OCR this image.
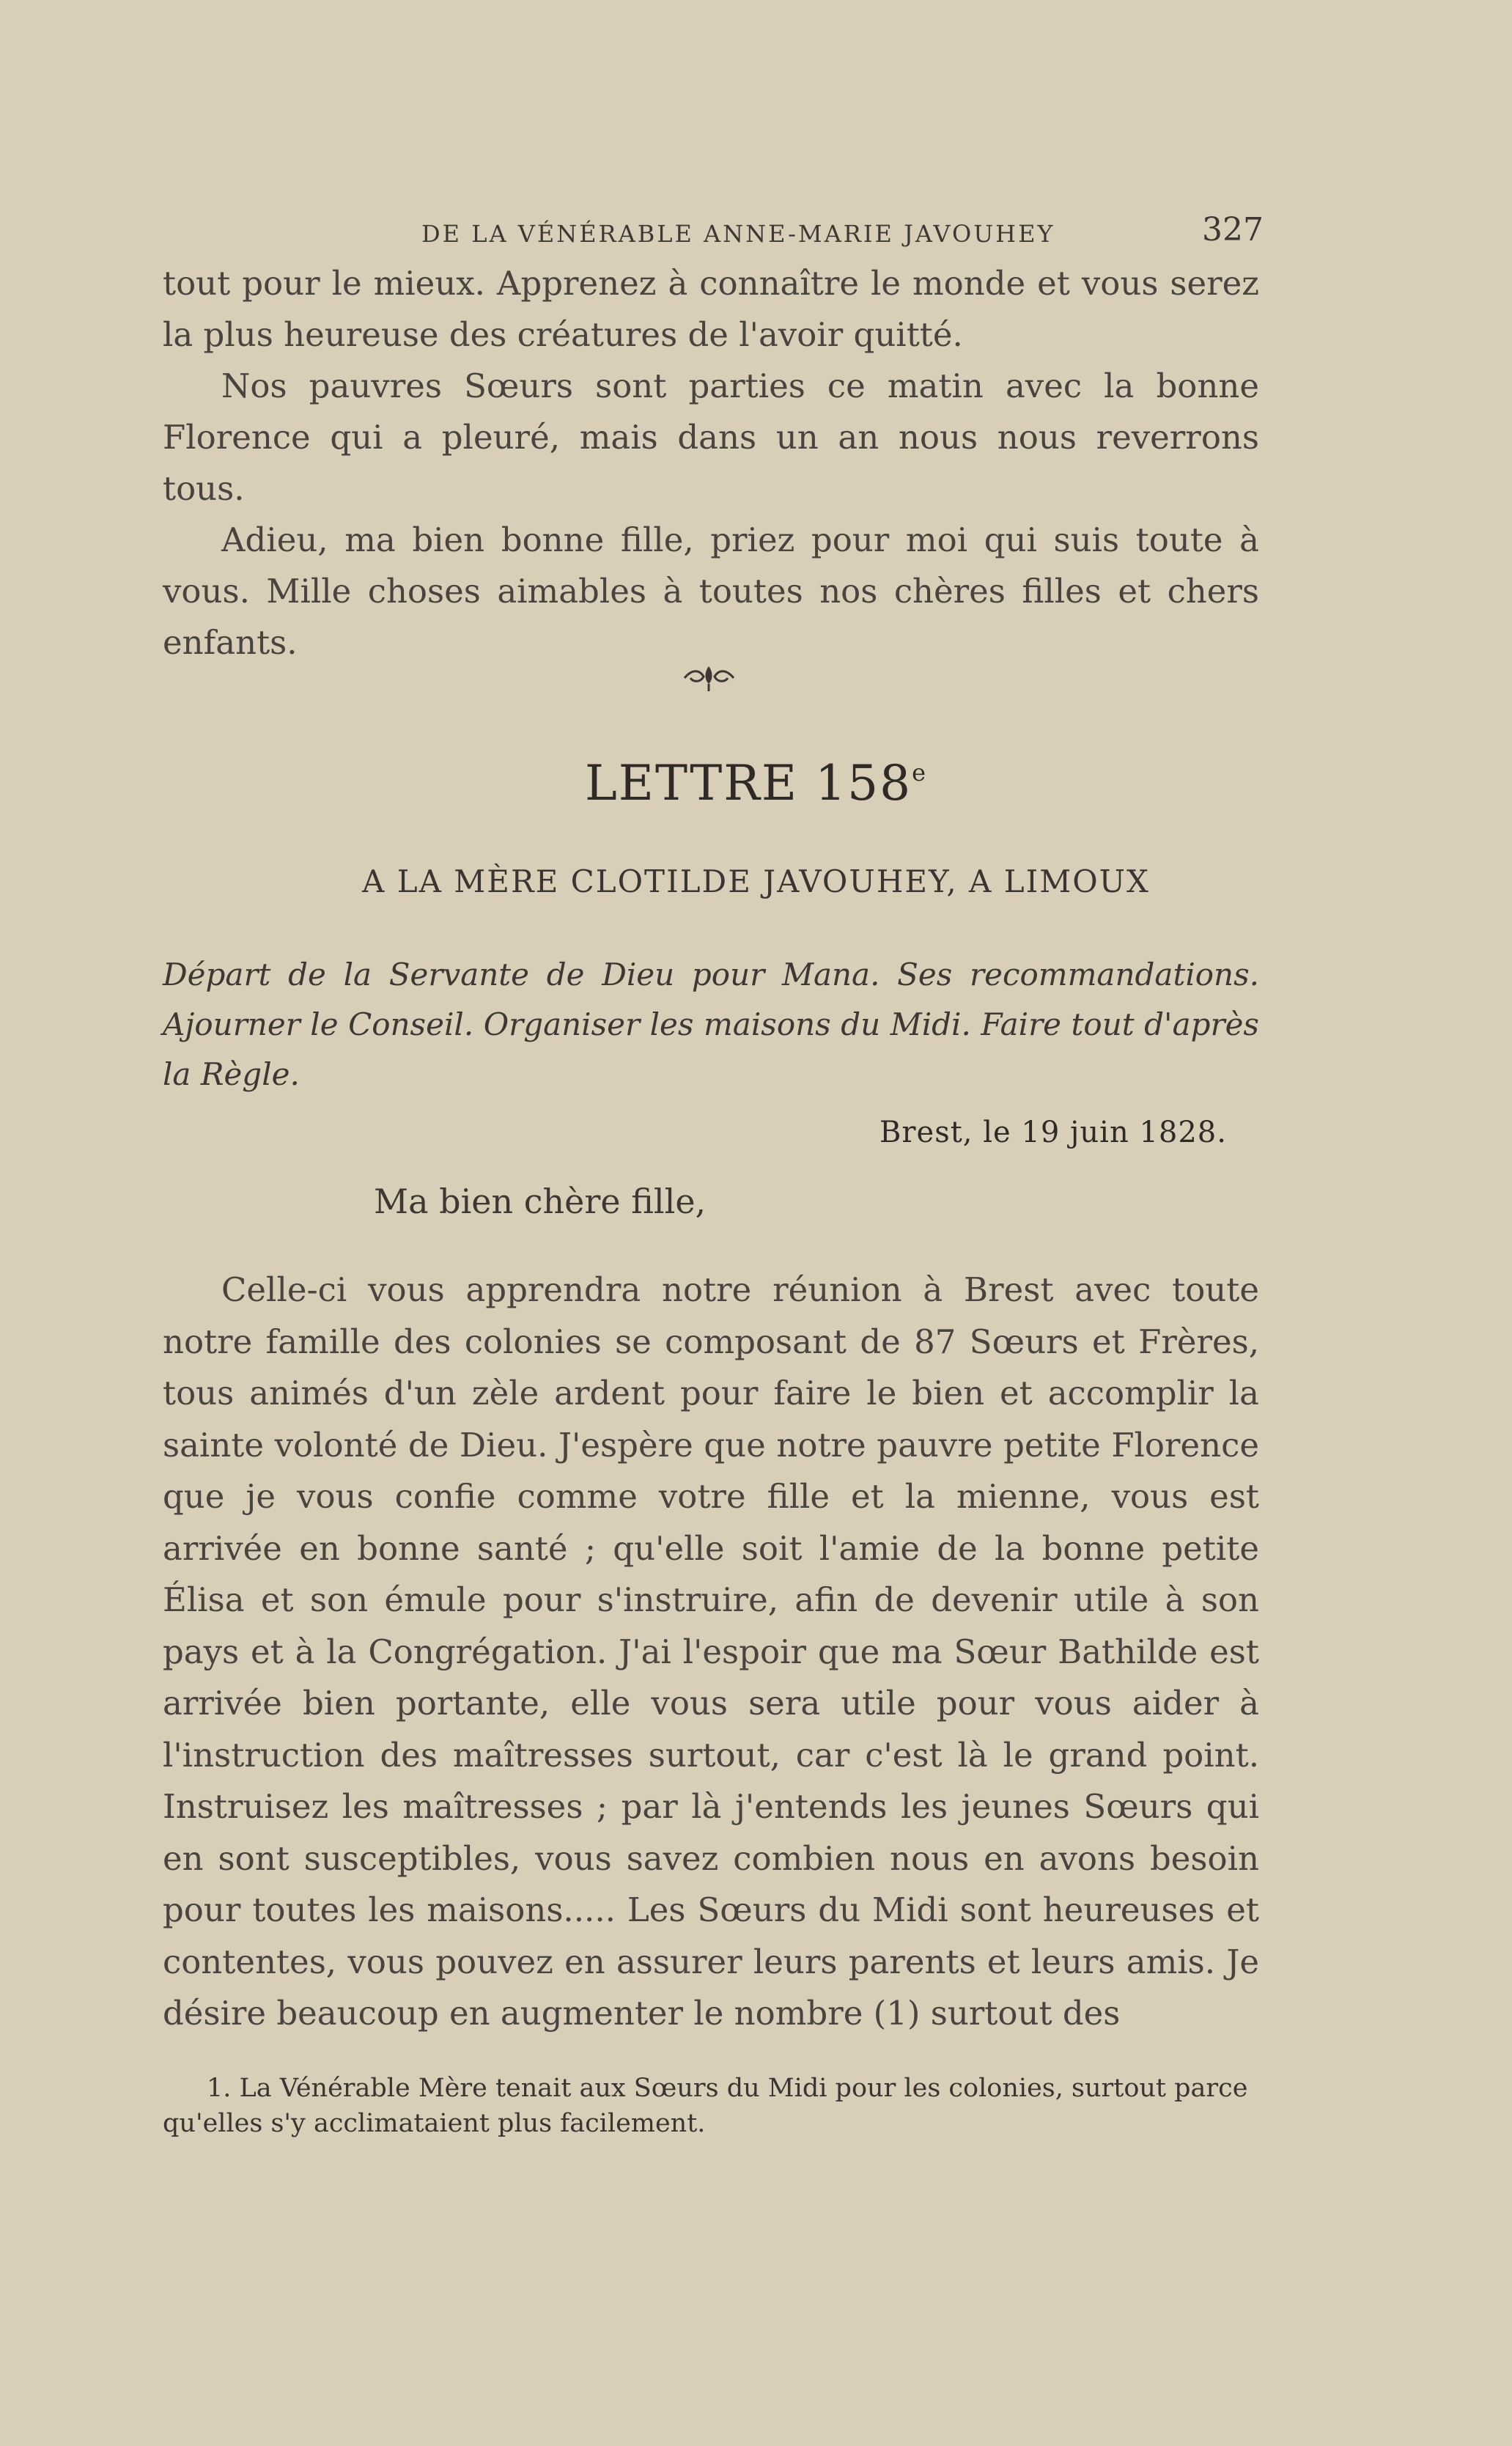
DE LA VÉNÉRABLE ANNE-MARIE JAVOUHEY	327
tout pour le mieux. Apprenez à connaître le monde et vous serez
la plus heureuse des créatures de l'avoir quitté.
Nos pauvres Sœurs sont parties ce matin avec la bonne Florence qui a pleuré, mais dans un an nous nous reverrons tous.
Adieu, ma bien bonne fille, priez pour moi qui suis toute à vous. Mille choses aimables à toutes nos chères filles et chers enfants.
LETTRE 158e
A LA MÈRE CLOTILDE JAVOUHEY, A LIMOUX
Départ de la Servante de Dieu pour Mana. Ses recommandations. Ajourner le Conseil. Organiser les maisons du Midi. Faire tout d'après la Règle.
Brest, le 19 juin 1828.
Ma bien chère fille,
Celle-ci vous apprendra notre réunion à Brest avec toute notre famille des colonies se composant de 87 Sœurs et Frères, tous animés d'un zèle ardent pour faire le bien et accomplir la sainte volonté de Dieu. J'espère que notre pauvre petite Florence que je vous confie comme votre fille et la mienne, vous est arrivée en bonne santé ; qu'elle soit l'amie de la bonne petite Élisa et son émule pour s'instruire, afin de devenir utile à son pays et à la Congrégation. J'ai l'espoir que ma Sœur Bathilde est arrivée bien portante, elle vous sera utile pour vous aider à l'instruction des maîtresses surtout, car c'est là le grand point. Instruisez les maîtresses ; par là j'entends les jeunes Sœurs qui en sont susceptibles, vous savez combien nous en avons besoin pour toutes les maisons..... Les Sœurs du Midi sont heureuses et contentes, vous pouvez en assurer leurs parents et leurs amis. Je désire beaucoup en augmenter le nombre (1) surtout des
1. La Vénérable Mère tenait aux Sœurs du Midi pour les colonies, surtout parce qu'elles s'y acclimataient plus facilement.
